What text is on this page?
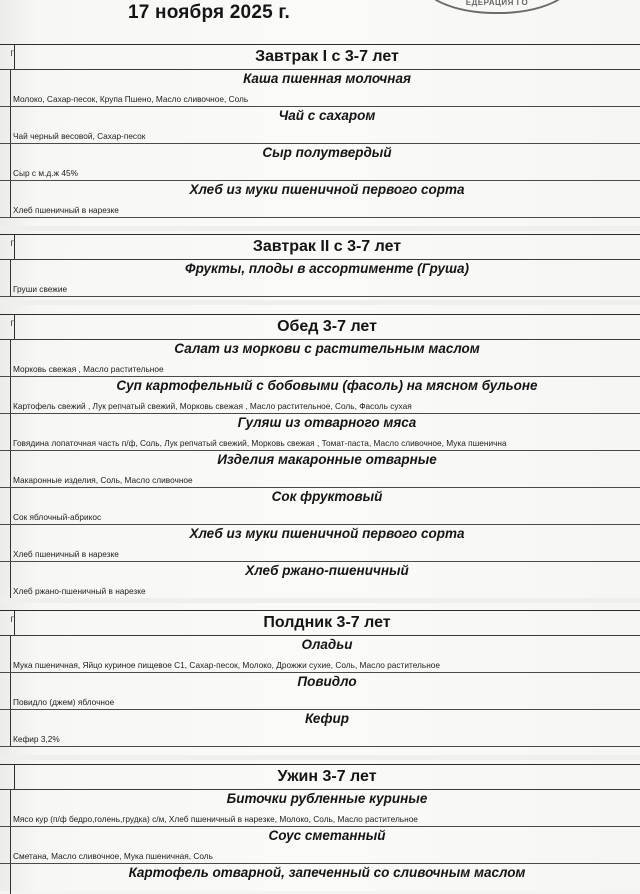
17 ноября 2025 г.	ЕДЕРАЦИЯ ГО
г	Завтрак I с 3-7 лет
Каша пшенная молочная
Молоко, Сахар-песок, Крупа Пшено, Масло сливочное, Соль
Чай с сахаром
Чай черный весовой, Сахар-песок
Сыр полутвердый
Сыр с м.д.ж 45%
Хлеб из муки пшеничной первого сорта
Хлеб пшеничный в нарезке
г	Завтрак II с 3-7 лет
Фрукты, плоды в ассортименте (Груша)
Груши свежие
г	Обед 3-7 лет
Салат из моркови с растительным маслом
Морковь свежая , Масло растительное
Суп картофельный с бобовыми (фасоль) на мясном бульоне
Картофель свежий , Лук репчатый свежий, Морковь свежая , Масло растительное, Соль, Фасоль сухая
Гуляш из отварного мяса
Говядина лопаточная часть п/ф, Соль, Лук репчатый свежий, Морковь свежая , Томат-паста, Масло сливочное, Мука пшенична
Изделия макаронные отварные
Макаронные изделия, Соль, Масло сливочное
Сок фруктовый
Сок яблочный-абрикос
Хлеб из муки пшеничной первого сорта
Хлеб пшеничный в нарезке
Хлеб ржано-пшеничный
Хлеб ржано-пшеничный в нарезке
г	Полдник 3-7 лет
Оладьи
Мука пшеничная, Яйцо куриное пищевое С1, Сахар-песок, Молоко, Дрожжи сухие, Соль, Масло растительное
Повидло
Повидло (джем) яблочное
Кефир
Кефир 3,2%
Ужин 3-7 лет
Биточки рубленные куриные
Мясо кур (п/ф бедро,голень,грудка) с/м, Хлеб пшеничный в нарезке, Молоко, Соль, Масло растительное
Соус сметанный
Сметана, Масло сливочное, Мука пшеничная, Соль
Картофель отварной, запеченный со сливочным маслом
